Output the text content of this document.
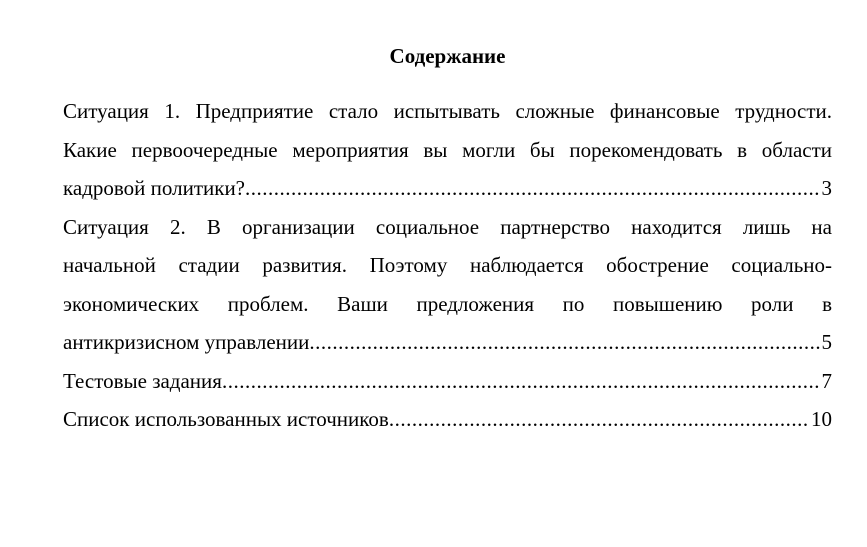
Содержание
Ситуация 1. Предприятие стало испытывать сложные финансовые трудности.
Какие первоочередные мероприятия вы могли бы порекомендовать в области
кадровой политики? .....	3
Ситуация 2. В организации социальное партнерство находится лишь на
начальной стадии развития. Поэтому наблюдается обострение социально-
экономических проблем. Ваши предложения по повышению роли в
антикризисном управлении .....	5
Тестовые задания .....	7
Список использованных источников .....	10
